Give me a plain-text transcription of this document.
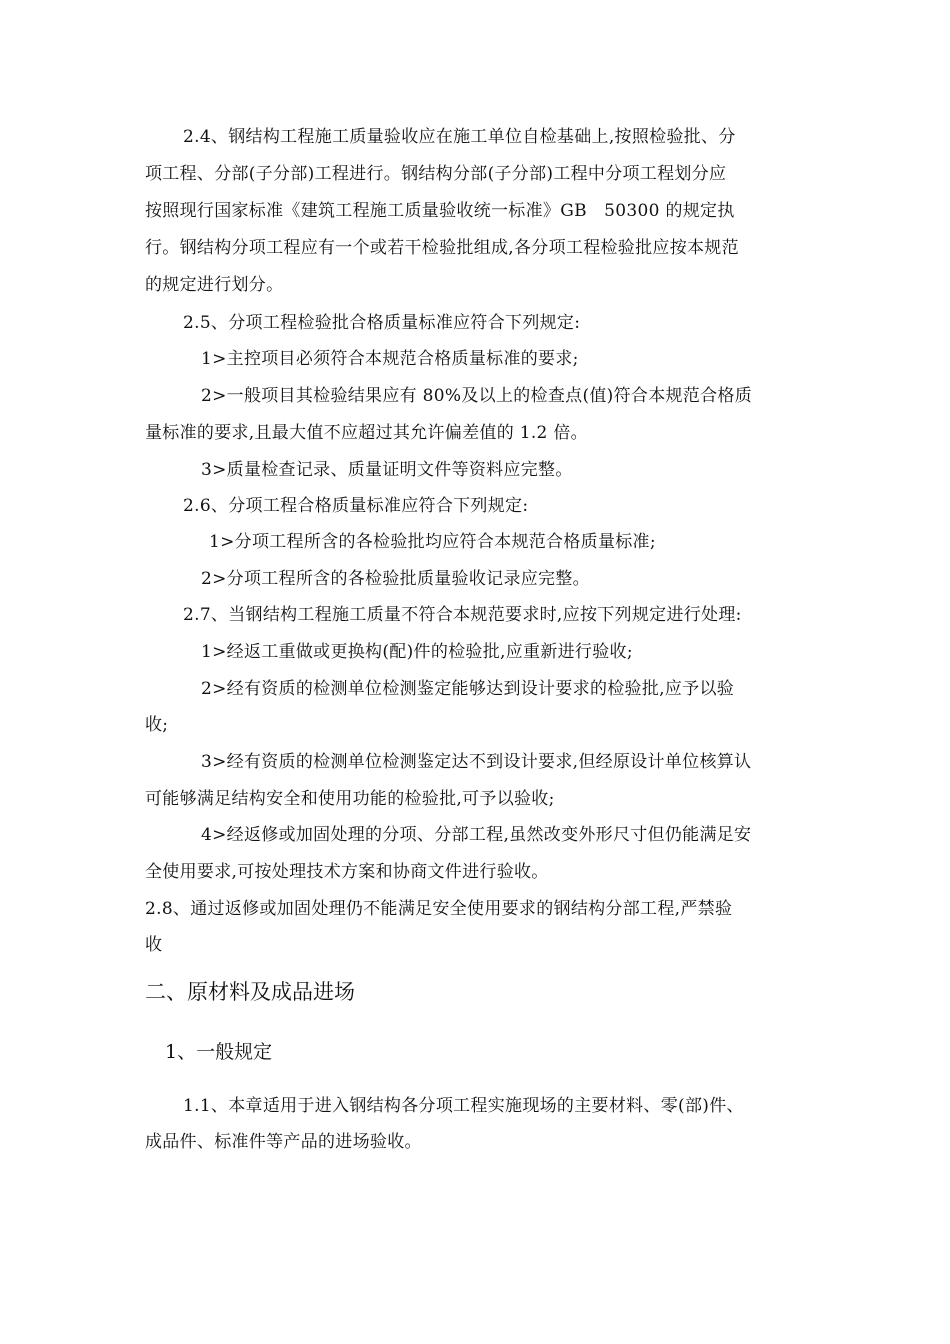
2.4、钢结构工程施工质量验收应在施工单位自检基础上,按照检验批、分
项工程、分部(子分部)工程进行。钢结构分部(子分部)工程中分项工程划分应
按照现行国家标准《建筑工程施工质量验收统一标准》GB　50300 的规定执
行。钢结构分项工程应有一个或若干检验批组成,各分项工程检验批应按本规范
的规定进行划分。
2.5、分项工程检验批合格质量标准应符合下列规定:
1>主控项目必须符合本规范合格质量标准的要求;
2>一般项目其检验结果应有 80%及以上的检查点(值)符合本规范合格质
量标准的要求,且最大值不应超过其允许偏差值的 1.2 倍。
3>质量检查记录、质量证明文件等资料应完整。
2.6、分项工程合格质量标准应符合下列规定:
1>分项工程所含的各检验批均应符合本规范合格质量标准;
2>分项工程所含的各检验批质量验收记录应完整。
2.7、当钢结构工程施工质量不符合本规范要求时,应按下列规定进行处理:
1>经返工重做或更换构(配)件的检验批,应重新进行验收;
2>经有资质的检测单位检测鉴定能够达到设计要求的检验批,应予以验
收;
3>经有资质的检测单位检测鉴定达不到设计要求,但经原设计单位核算认
可能够满足结构安全和使用功能的检验批,可予以验收;
4>经返修或加固处理的分项、分部工程,虽然改变外形尺寸但仍能满足安
全使用要求,可按处理技术方案和协商文件进行验收。
2.8、通过返修或加固处理仍不能满足安全使用要求的钢结构分部工程,严禁验
收
二、原材料及成品进场
1、一般规定
1.1、本章适用于进入钢结构各分项工程实施现场的主要材料、零(部)件、
成品件、标准件等产品的进场验收。
